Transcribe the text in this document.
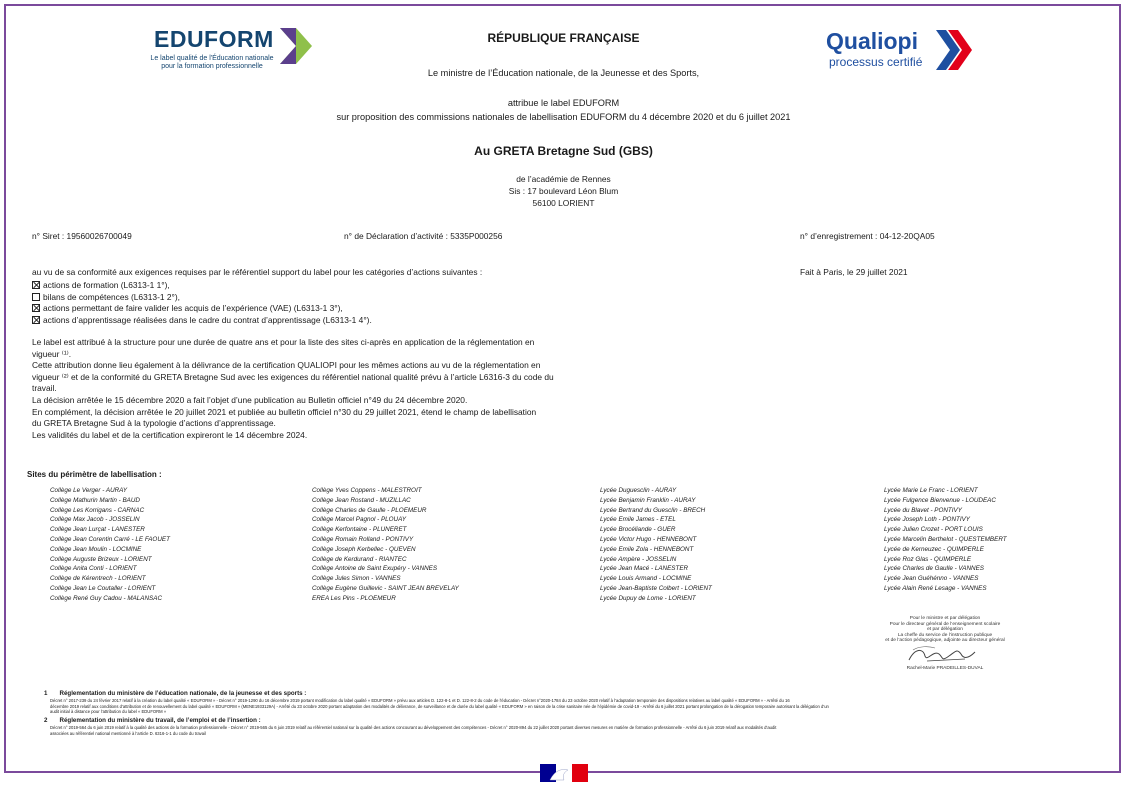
EDUFORM
Le label qualité de l'Éducation nationale
pour la formation professionnelle
RÉPUBLIQUE FRANÇAISE	Qualiopi
processus certifié
Le ministre de l’Éducation nationale, de la Jeunesse et des Sports,
attribue le label EDUFORM
sur proposition des commissions nationales de labellisation EDUFORM du 4 décembre 2020 et du 6 juillet 2021
Au GRETA Bretagne Sud (GBS)
de l’académie de Rennes
Sis : 17 boulevard Léon Blum
56100 LORIENT
n° Siret : 19560026700049	n° de Déclaration d’activité : 5335P000256	n° d’enregistrement : 04-12-20QA05
au vu de sa conformité aux exigences requises par le référentiel support du label pour les catégories d’actions suivantes :	Fait à Paris, le 29 juillet 2021
actions de formation (L6313-1 1°),
bilans de compétences (L6313-1 2°),
actions permettant de faire valider les acquis de l’expérience (VAE) (L6313-1 3°),
actions d’apprentissage réalisées dans le cadre du contrat d’apprentissage (L6313-1 4°).
Le label est attribué à la structure pour une durée de quatre ans et pour la liste des sites ci-après en application de la réglementation en
vigueur ⁽¹⁾.
Cette attribution donne lieu également à la délivrance de la certification QUALIOPI pour les mêmes actions au vu de la réglementation en
vigueur ⁽²⁾ et de la conformité du GRETA Bretagne Sud avec les exigences du référentiel national qualité prévu à l’article L6316-3 du code du
travail.
La décision arrêtée le 15 décembre 2020 a fait l’objet d’une publication au Bulletin officiel n°49 du 24 décembre 2020.
En complément, la décision arrêtée le 20 juillet 2021 et publiée au bulletin officiel n°30 du 29 juillet 2021, étend le champ de labellisation
du GRETA Bretagne Sud à la typologie d’actions d’apprentissage.
Les validités du label et de la certification expireront le 14 décembre 2024.
Sites du périmètre de labellisation :
Collège Le Verger - AURAY
Collège Mathurin Martin - BAUD
Collège Les Korrigans - CARNAC
Collège Max Jacob - JOSSELIN
Collège Jean Lurçat - LANESTER
Collège Jean Corentin Carré - LE FAOUET
Collège Jean Moulin - LOCMINE
Collège Auguste Brizeux - LORIENT
Collège Anita Conti - LORIENT
Collège de Kérentrech - LORIENT
Collège Jean Le Coutaller - LORIENT
Collège René Guy Cadou - MALANSAC
Collège Yves Coppens - MALESTROIT
Collège Jean Rostand - MUZILLAC
Collège Charles de Gaulle - PLOEMEUR
Collège Marcel Pagnol - PLOUAY
Collège Kerfontaine - PLUNERET
Collège Romain Rolland - PONTIVY
Collège Joseph Kerbellec - QUEVEN
Collège de Kerdurand - RIANTEC
Collège Antoine de Saint Exupéry - VANNES
Collège Jules Simon - VANNES
Collège Eugène Guillevic - SAINT JEAN BREVELAY
EREA Les Pins - PLOEMEUR
Lycée Duguesclin - AURAY
Lycée Benjamin Franklin - AURAY
Lycée Bertrand du Guesclin - BRECH
Lycée Emile James - ETEL
Lycée Brocéliande - GUER
Lycée Victor Hugo - HENNEBONT
Lycée Emile Zola - HENNEBONT
Lycée Ampère - JOSSELIN
Lycée Jean Macé - LANESTER
Lycée Louis Armand - LOCMINE
Lycée Jean-Baptiste Colbert - LORIENT
Lycée Dupuy de Lome - LORIENT
Lycée Marie Le Franc - LORIENT
Lycée Fulgence Bienvenue - LOUDEAC
Lycée du Blavet - PONTIVY
Lycée Joseph Loth - PONTIVY
Lycée Julien Crozet - PORT LOUIS
Lycée Marcelin Berthelot - QUESTEMBERT
Lycée de Kerneuzec - QUIMPERLE
Lycée Roz Glas - QUIMPERLE
Lycée Charles de Gaulle - VANNES
Lycée Jean Guéhénno - VANNES
Lycée Alain René Lesage - VANNES
Pour le ministre et par délégation
Pour le directeur général de l’enseignement scolaire
et par délégation
La cheffe du service de l’instruction publique
et de l’action pédagogique, adjointe au directeur général
Rachel-Marie PRADEILLES-DUVAL
1 Réglementation du ministère de l’éducation nationale, de la jeunesse et des sports :
Décret n° 2017-239 du 24 février 2017 relatif à la création du label qualité « EDUFORM » - Décret n° 2019-1290 du 16 décembre 2019 portant modification du label qualité « EDUFORM » prévu aux articles D. 122-8-1 et D. 122-8-2 du code de l’éducation - Décret n°2020-1784 du 23 octobre 2020 relatif à l’adaptation temporaire des dispositions relatives au label qualité « EDUFORM » - Arrêté du 16
décembre 2019 relatif aux conditions d’attribution et de renouvellement du label qualité « EDUFORM » (MENE1933129A) - Arrêté du 23 octobre 2020 portant adaptation des modalités de délivrance, de surveillance et de durée du label qualité « EDUFORM » en raison de la crise sanitaire née de l’épidémie de covid-19 - Arrêté du 6 juillet 2021 portant prolongation de la dérogation temporaire autorisant la délégation d’un
audit initial à distance pour l’attribution du label « EDUFORM »
2 Réglementation du ministère du travail, de l’emploi et de l’insertion :
Décret n° 2019-564 du 6 juin 2019 relatif à la qualité des actions de la formation professionnelle - Décret n° 2019-565 du 6 juin 2019 relatif au référentiel national sur la qualité des actions concourant au développement des compétences - Décret n° 2020-894 du 22 juillet 2020 portant diverses mesures en matière de formation professionnelle - Arrêté du 6 juin 2019 relatif aux modalités d’audit
associées au référentiel national mentionné à l’article D. 6316-1-1 du code du travail
